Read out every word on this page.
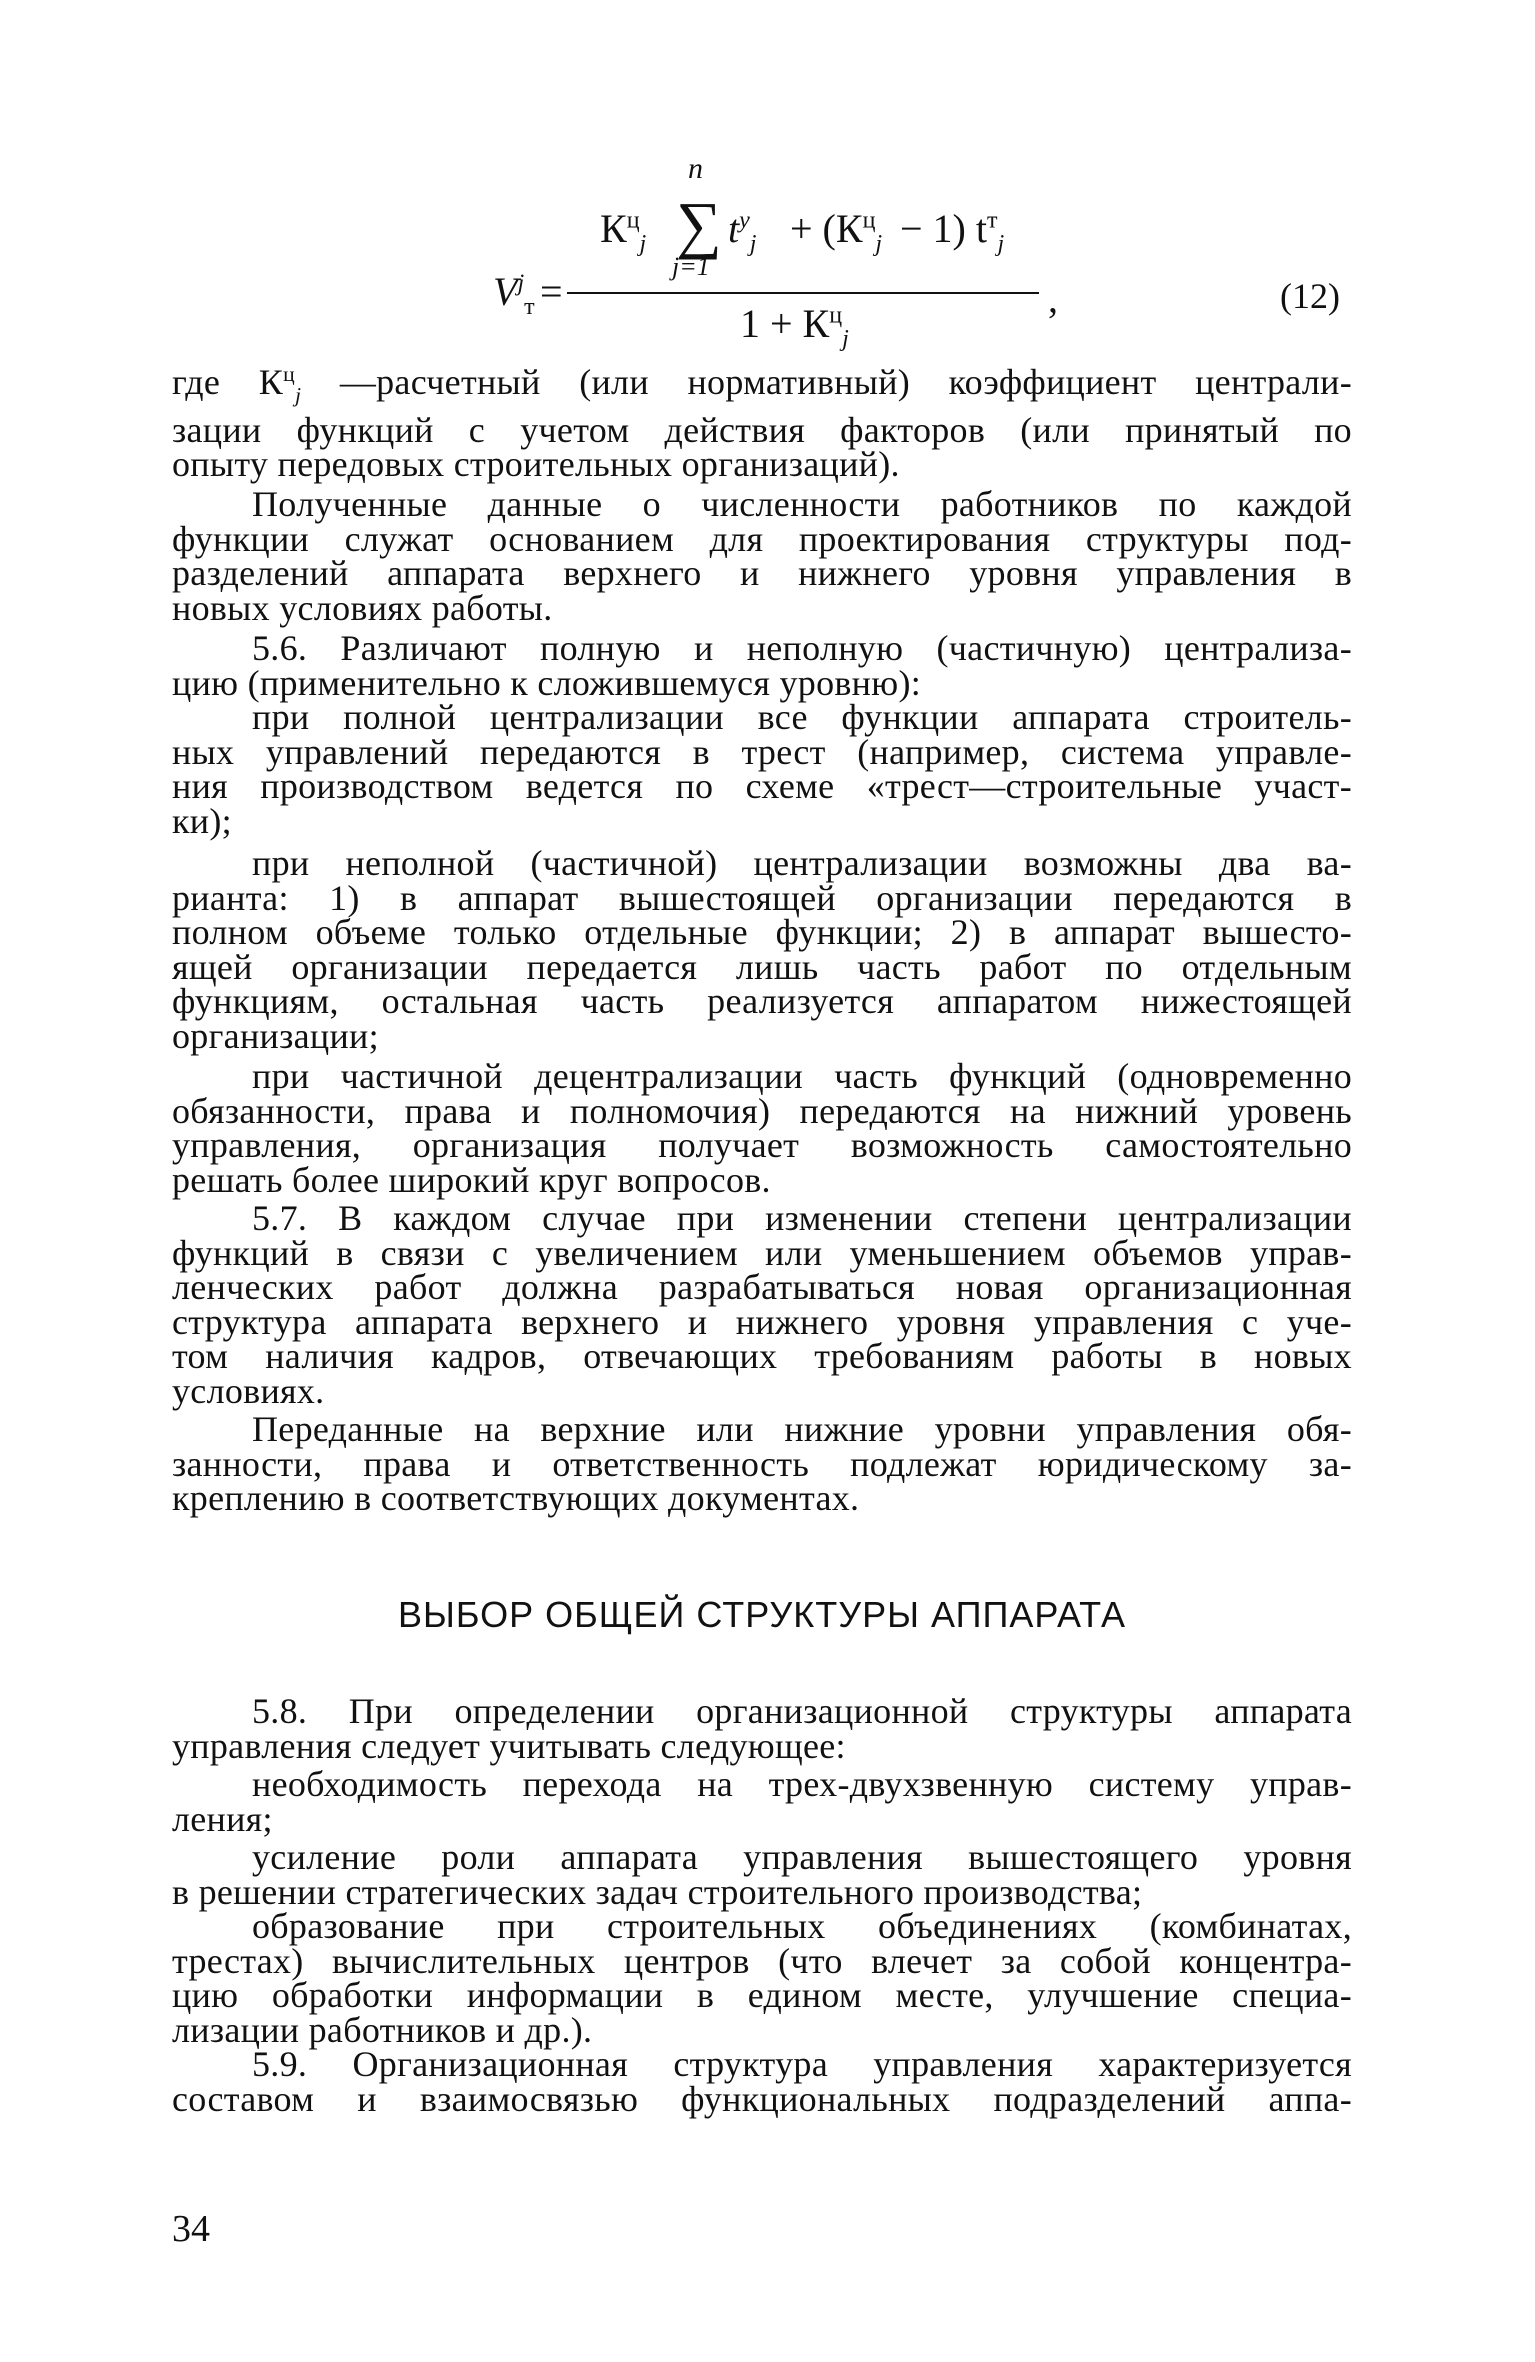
n
$К^ц_j$ ∑
j=1
$t^у_j + (К^ц_j - 1)$ $t^т_j$
$V^j_т$ =
$1 + К^ц_j$
,	(12)

где $К^ц_j$ —расчетный (или нормативный) коэффициент централи-

зации функций с учетом действия факторов (или принятый по

опыту передовых строительных организаций).

Полученные данные о численности работников по каждой

функции служат основанием для проектирования структуры под-

разделений аппарата верхнего и нижнего уровня управления в

новых условиях работы.

5.6. Различают полную и неполную (частичную) централиза-

цию (применительно к сложившемуся уровню):

при полной централизации все функции аппарата строитель-

ных управлений передаются в трест (например, система управле-

ния производством ведется по схеме «трест—строительные участ-

ки);

при неполной (частичной) централизации возможны два ва-

рианта: 1) в аппарат вышестоящей организации передаются в

полном объеме только отдельные функции; 2) в аппарат вышесто-

ящей организации передается лишь часть работ по отдельным

функциям, остальная часть реализуется аппаратом нижестоящей

организации;

при частичной децентрализации часть функций (одновременно

обязанности, права и полномочия) передаются на нижний уровень

управления, организация получает возможность самостоятельно

решать более широкий круг вопросов.

5.7. В каждом случае при изменении степени централизации

функций в связи с увеличением или уменьшением объемов управ-

ленческих работ должна разрабатываться новая организационная

структура аппарата верхнего и нижнего уровня управления с уче-

том наличия кадров, отвечающих требованиям работы в новых

условиях.

Переданные на верхние или нижние уровни управления обя-

занности, права и ответственность подлежат юридическому за-

креплению в соответствующих документах.

ВЫБОР ОБЩЕЙ СТРУКТУРЫ АППАРАТА

5.8. При определении организационной структуры аппарата

управления следует учитывать следующее:

необходимость перехода на трех-двухзвенную систему управ-

ления;

усиление роли аппарата управления вышестоящего уровня

в решении стратегических задач строительного производства;

образование при строительных объединениях (комбинатах,

трестах) вычислительных центров (что влечет за собой концентра-

цию обработки информации в едином месте, улучшение специа-

лизации работников и др.).

5.9. Организационная структура управления характеризуется

составом и взаимосвязью функциональных подразделений аппа-

34
